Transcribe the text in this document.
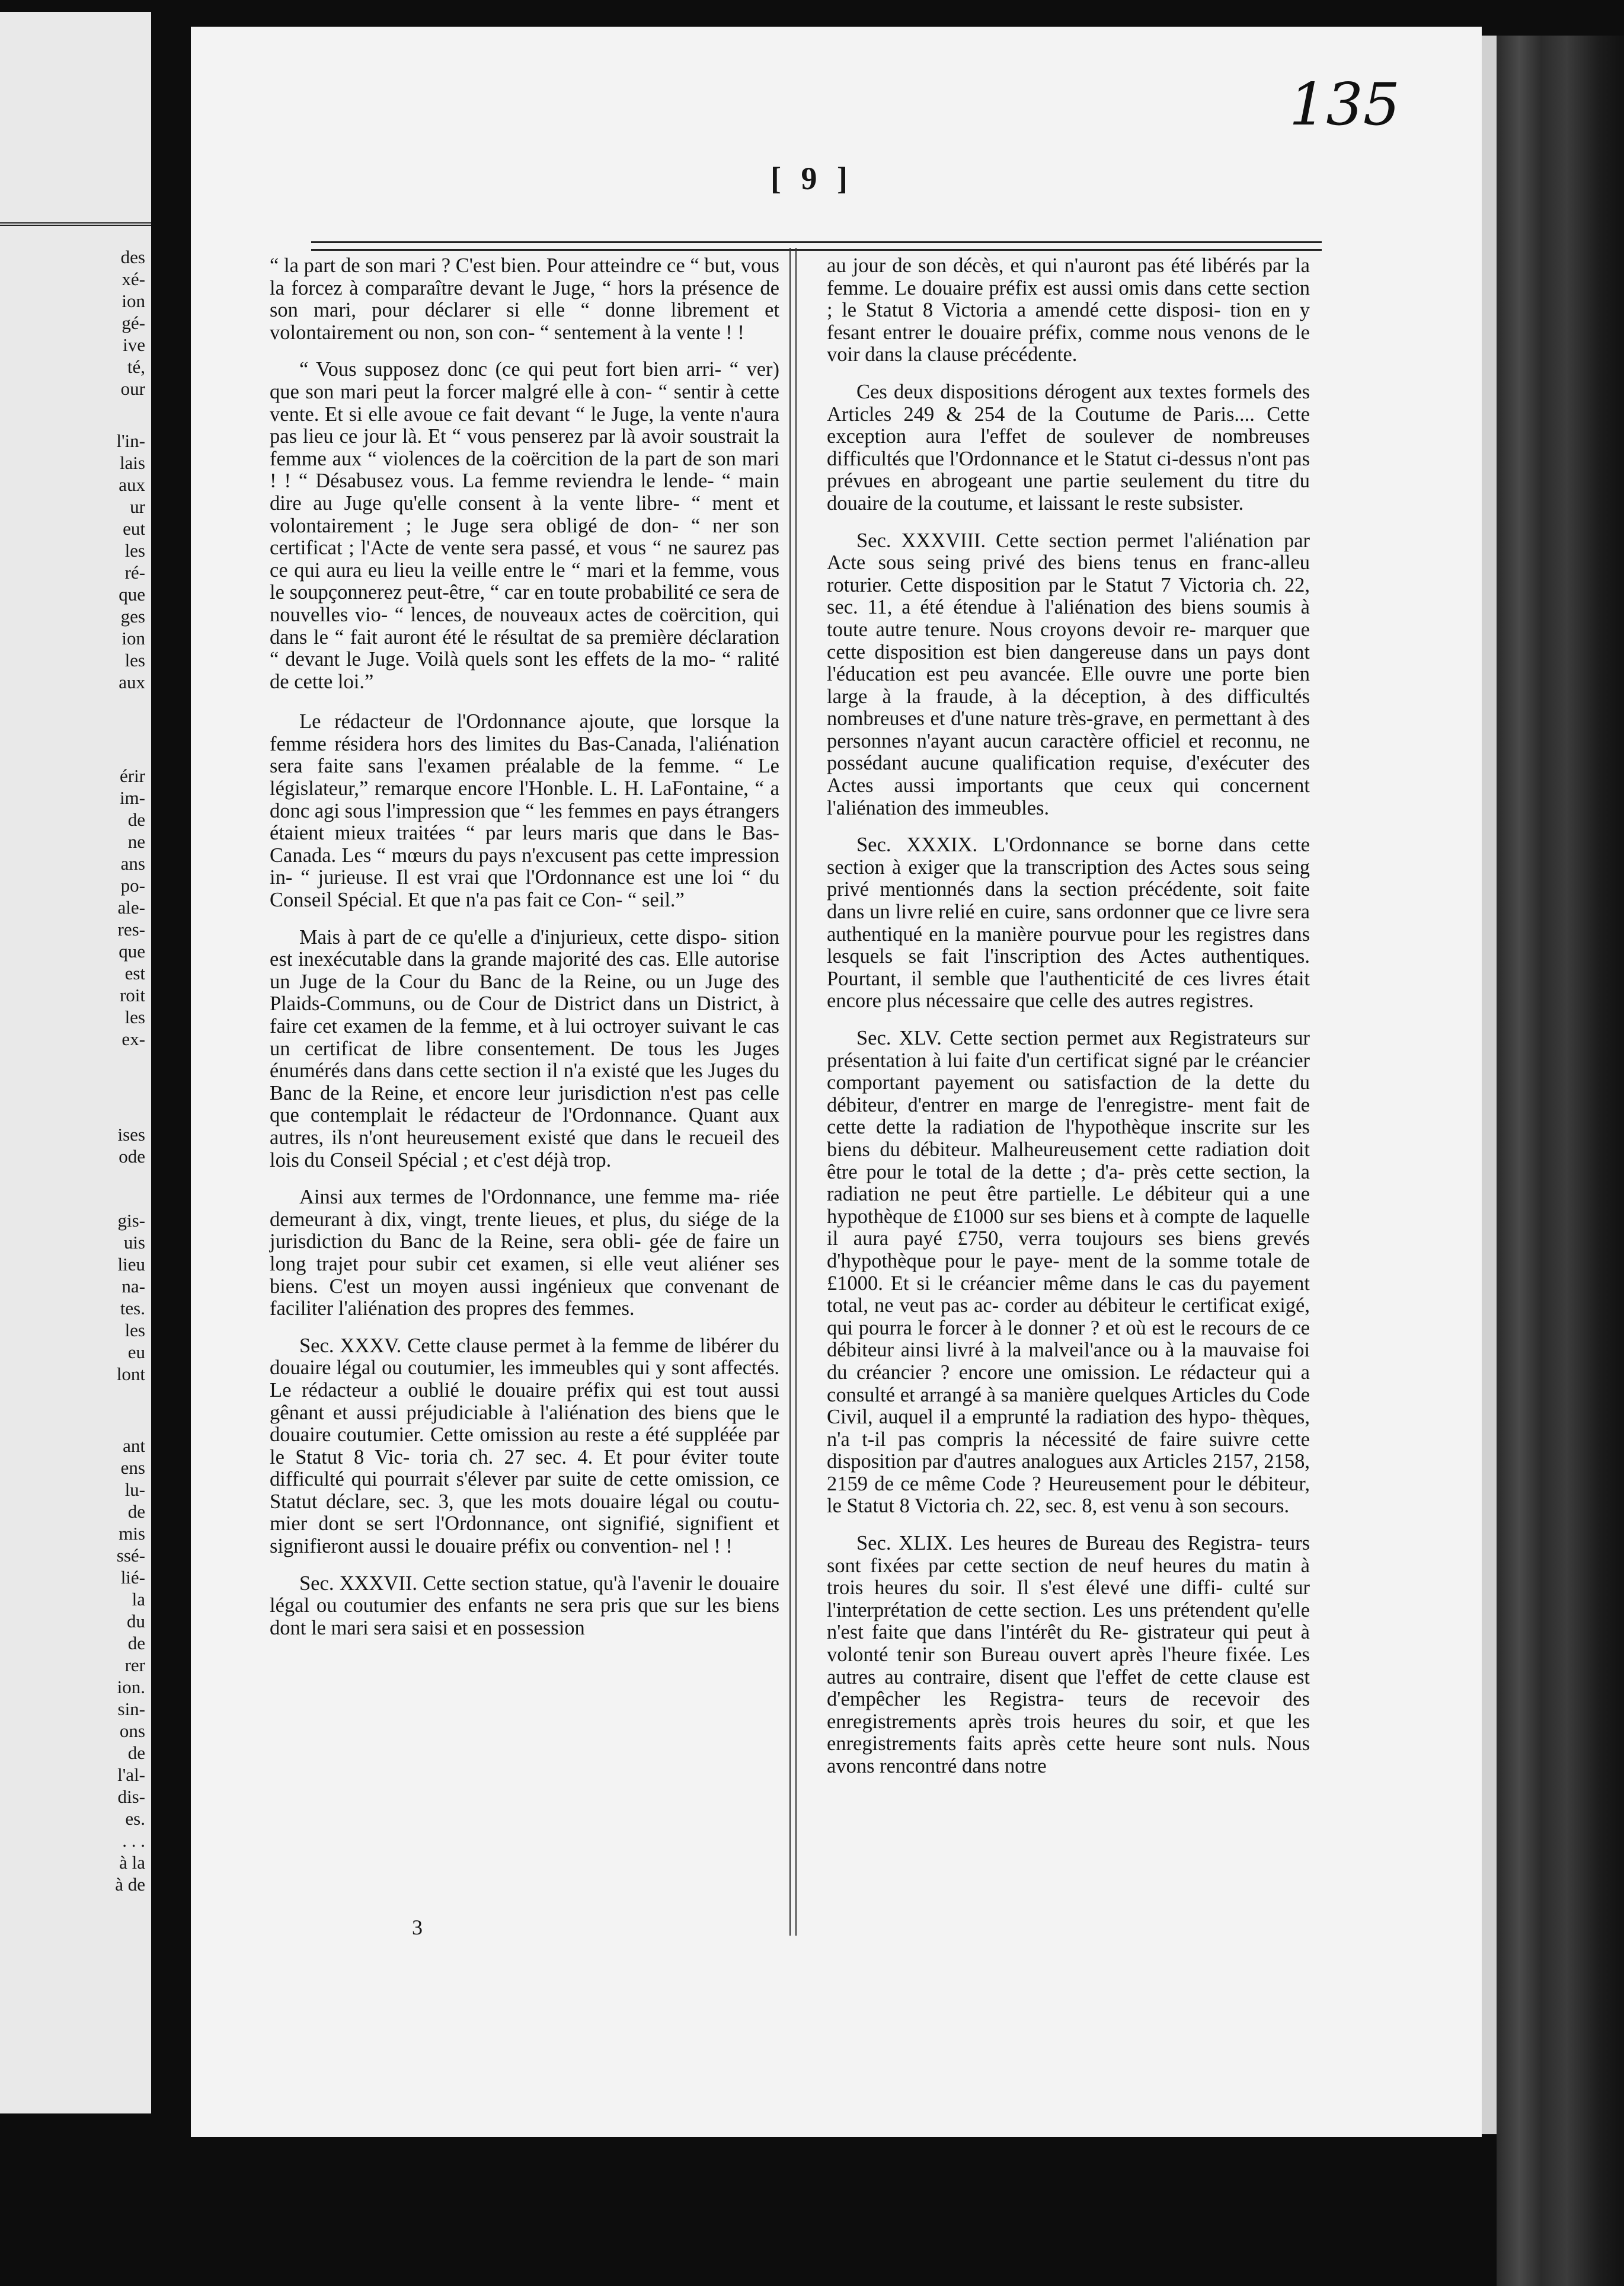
des
xé-
ion
gé-
ive
té,
our
l'in-
lais
aux
ur
eut
les
ré-
que
ges
ion
les
aux
érir
im-
de
ne
ans
po-
ale-
res-
que
est
roit
les
ex-
ises
ode
gis-
uis
lieu
na-
tes.
les
eu
lont
ant
ens
lu-
de
mis
ssé-
lié-
la
du
de
rer
ion.
sin-
ons
de
l'al-
dis-
es.
. . .
à la
à de
[ 9 ]
135

“ la part de son mari ? C'est bien. Pour atteindre ce “ but, vous la forcez à comparaître devant le Juge, “ hors la présence de son mari, pour déclarer si elle “ donne librement et volontairement ou non, son con- “ sentement à la vente ! !

“ Vous supposez donc (ce qui peut fort bien arri- “ ver) que son mari peut la forcer malgré elle à con- “ sentir à cette vente. Et si elle avoue ce fait devant “ le Juge, la vente n'aura pas lieu ce jour là. Et “ vous penserez par là avoir soustrait la femme aux “ violences de la coërcition de la part de son mari ! ! “ Désabusez vous. La femme reviendra le lende- “ main dire au Juge qu'elle consent à la vente libre- “ ment et volontairement ; le Juge sera obligé de don- “ ner son certificat ; l'Acte de vente sera passé, et vous “ ne saurez pas ce qui aura eu lieu la veille entre le “ mari et la femme, vous le soupçonnerez peut-être, “ car en toute probabilité ce sera de nouvelles vio- “ lences, de nouveaux actes de coërcition, qui dans le “ fait auront été le résultat de sa première déclaration “ devant le Juge. Voilà quels sont les effets de la mo- “ ralité de cette loi.”

Le rédacteur de l'Ordonnance ajoute, que lorsque la femme résidera hors des limites du Bas-Canada, l'aliénation sera faite sans l'examen préalable de la femme. “ Le législateur,” remarque encore l'Honble. L. H. LaFontaine, “ a donc agi sous l'impression que “ les femmes en pays étrangers étaient mieux traitées “ par leurs maris que dans le Bas-Canada. Les “ mœurs du pays n'excusent pas cette impression in- “ jurieuse. Il est vrai que l'Ordonnance est une loi “ du Conseil Spécial. Et que n'a pas fait ce Con- “ seil.”

Mais à part de ce qu'elle a d'injurieux, cette dispo- sition est inexécutable dans la grande majorité des cas. Elle autorise un Juge de la Cour du Banc de la Reine, ou un Juge des Plaids-Communs, ou de Cour de District dans un District, à faire cet examen de la femme, et à lui octroyer suivant le cas un certificat de libre consentement. De tous les Juges énumérés dans dans cette section il n'a existé que les Juges du Banc de la Reine, et encore leur jurisdiction n'est pas celle que contemplait le rédacteur de l'Ordonnance. Quant aux autres, ils n'ont heureusement existé que dans le recueil des lois du Conseil Spécial ; et c'est déjà trop.

Ainsi aux termes de l'Ordonnance, une femme ma- riée demeurant à dix, vingt, trente lieues, et plus, du siége de la jurisdiction du Banc de la Reine, sera obli- gée de faire un long trajet pour subir cet examen, si elle veut aliéner ses biens. C'est un moyen aussi ingénieux que convenant de faciliter l'aliénation des propres des femmes.

Sec. XXXV. Cette clause permet à la femme de libérer du douaire légal ou coutumier, les immeubles qui y sont affectés. Le rédacteur a oublié le douaire préfix qui est tout aussi gênant et aussi préjudiciable à l'aliénation des biens que le douaire coutumier. Cette omission au reste a été supplééе par le Statut 8 Vic- toria ch. 27 sec. 4. Et pour éviter toute difficulté qui pourrait s'élever par suite de cette omission, ce Statut déclare, sec. 3, que les mots douaire légal ou coutu- mier dont se sert l'Ordonnance, ont signifié, signifient et signifieront aussi le douaire préfix ou convention- nel ! !

Sec. XXXVII. Cette section statue, qu'à l'avenir le douaire légal ou coutumier des enfants ne sera pris que sur les biens dont le mari sera saisi et en possession

au jour de son décès, et qui n'auront pas été libérés par la femme. Le douaire préfix est aussi omis dans cette section ; le Statut 8 Victoria a amendé cette disposi- tion en y fesant entrer le douaire préfix, comme nous venons de le voir dans la clause précédente.

Ces deux dispositions dérogent aux textes formels des Articles 249 & 254 de la Coutume de Paris.... Cette exception aura l'effet de soulever de nombreuses difficultés que l'Ordonnance et le Statut ci-dessus n'ont pas prévues en abrogeant une partie seulement du titre du douaire de la coutume, et laissant le reste subsister.

Sec. XXXVIII. Cette section permet l'aliénation par Acte sous seing privé des biens tenus en franc-alleu roturier. Cette disposition par le Statut 7 Victoria ch. 22, sec. 11, a été étendue à l'aliénation des biens soumis à toute autre tenure. Nous croyons devoir re- marquer que cette disposition est bien dangereuse dans un pays dont l'éducation est peu avancée. Elle ouvre une porte bien large à la fraude, à la déception, à des difficultés nombreuses et d'une nature très-grave, en permettant à des personnes n'ayant aucun caractère officiel et reconnu, ne possédant aucune qualification requise, d'exécuter des Actes aussi importants que ceux qui concernent l'aliénation des immeubles.

Sec. XXXIX. L'Ordonnance se borne dans cette section à exiger que la transcription des Actes sous seing privé mentionnés dans la section précédente, soit faite dans un livre relié en cuire, sans ordonner que ce livre sera authentiqué en la manière pourvue pour les registres dans lesquels se fait l'inscription des Actes authentiques. Pourtant, il semble que l'authenticité de ces livres était encore plus nécessaire que celle des autres registres.

Sec. XLV. Cette section permet aux Registrateurs sur présentation à lui faite d'un certificat signé par le créancier comportant payement ou satisfaction de la dette du débiteur, d'entrer en marge de l'enregistre- ment fait de cette dette la radiation de l'hypothèque inscrite sur les biens du débiteur. Malheureusement cette radiation doit être pour le total de la dette ; d'a- près cette section, la radiation ne peut être partielle. Le débiteur qui a une hypothèque de £1000 sur ses biens et à compte de laquelle il aura payé £750, verra toujours ses biens grevés d'hypothèque pour le paye- ment de la somme totale de £1000. Et si le créancier même dans le cas du payement total, ne veut pas ac- corder au débiteur le certificat exigé, qui pourra le forcer à le donner ? et où est le recours de ce débiteur ainsi livré à la malveil'ance ou à la mauvaise foi du créancier ? encore une omission. Le rédacteur qui a consulté et arrangé à sa manière quelques Articles du Code Civil, auquel il a emprunté la radiation des hypo- thèques, n'a t-il pas compris la nécessité de faire suivre cette disposition par d'autres analogues aux Articles 2157, 2158, 2159 de ce même Code ? Heureusement pour le débiteur, le Statut 8 Victoria ch. 22, sec. 8, est venu à son secours.

Sec. XLIX. Les heures de Bureau des Registra- teurs sont fixées par cette section de neuf heures du matin à trois heures du soir. Il s'est élevé une diffi- culté sur l'interprétation de cette section. Les uns prétendent qu'elle n'est faite que dans l'intérêt du Re- gistrateur qui peut à volonté tenir son Bureau ouvert après l'heure fixée. Les autres au contraire, disent que l'effet de cette clause est d'empêcher les Registra- teurs de recevoir des enregistrements après trois heures du soir, et que les enregistrements faits après cette heure sont nuls. Nous avons rencontré dans notre

3
